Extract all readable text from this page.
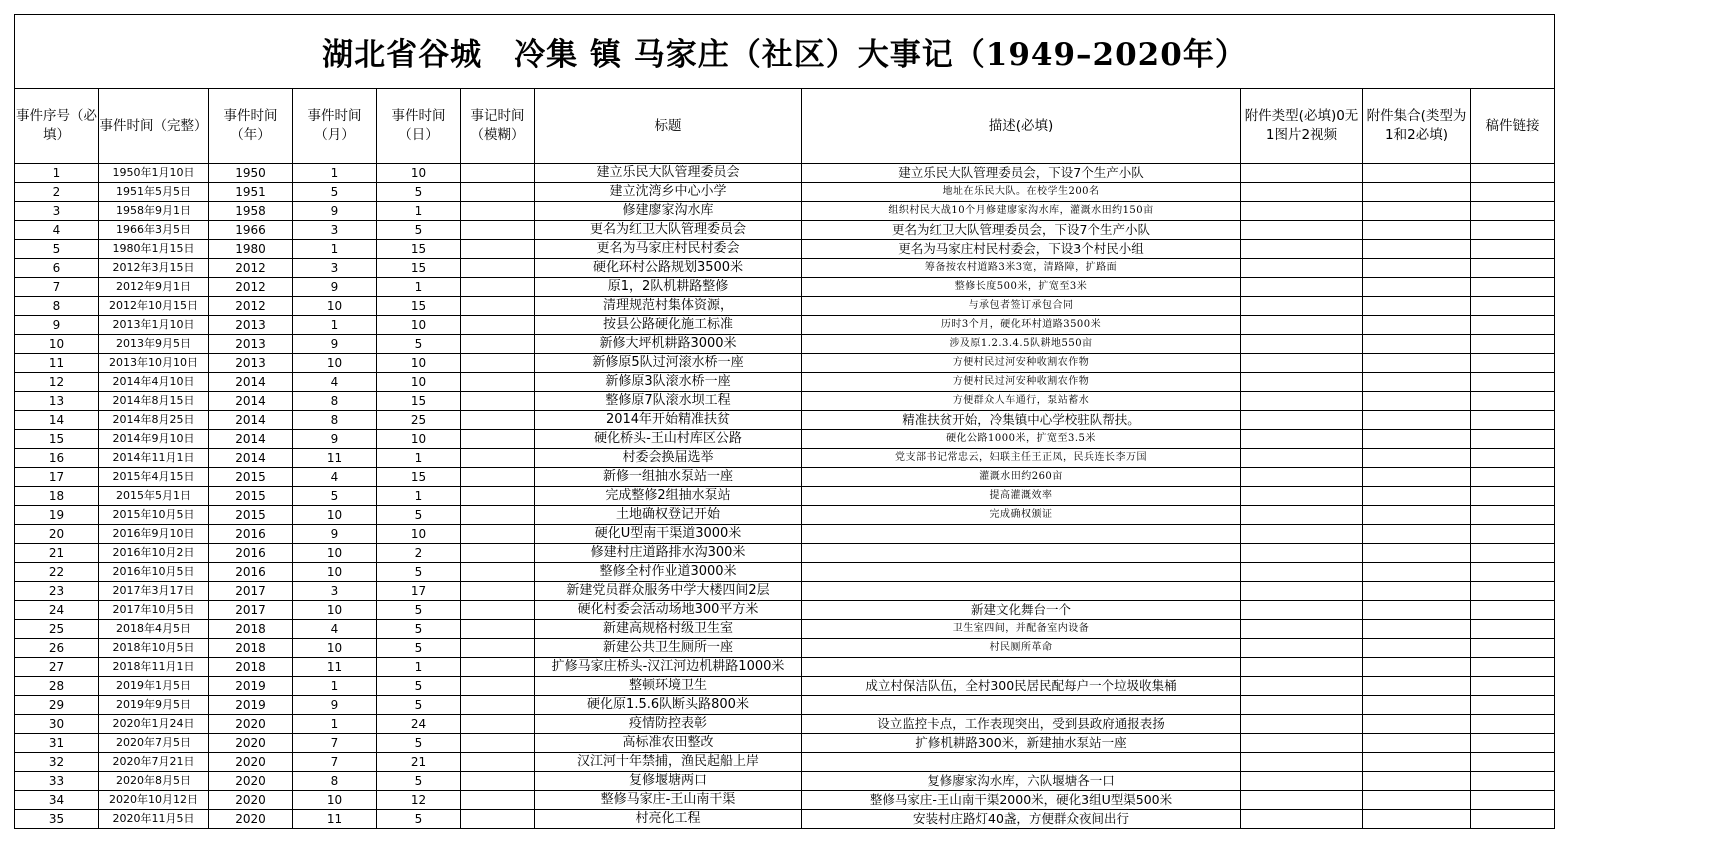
湖北省谷城　冷集 镇 马家庄（社区）大事记（1949–2020年）										
事件序号（必填）	事件时间（完整）	事件时间（年）	事件时间（月）	事件时间（日）	事记时间（模糊）	标题	描述(必填)	附件类型(必填)0无1图片2视频	附件集合(类型为1和2必填)	稿件链接
1	1950年1月10日	1950	1	10		建立乐民大队管理委员会	建立乐民大队管理委员会，下设7个生产小队			
2	1951年5月5日	1951	5	5		建立沈湾乡中心小学	地址在乐民大队。在校学生200名			
3	1958年9月1日	1958	9	1		修建廖家沟水库	组织村民大战10个月修建廖家沟水库，灌溉水田约150亩			
4	1966年3月5日	1966	3	5		更名为红卫大队管理委员会	更名为红卫大队管理委员会，下设7个生产小队			
5	1980年1月15日	1980	1	15		更名为马家庄村民村委会	更名为马家庄村民村委会，下设3个村民小组			
6	2012年3月15日	2012	3	15		硬化环村公路规划3500米	筹备按农村道路3米3宽，清路障，扩路面			
7	2012年9月1日	2012	9	1		原1，2队机耕路整修	整修长度500米，扩宽至3米			
8	2012年10月15日	2012	10	15		清理规范村集体资源，	与承包者签订承包合同			
9	2013年1月10日	2013	1	10		按县公路硬化施工标准	历时3个月，硬化环村道路3500米			
10	2013年9月5日	2013	9	5		新修大坪机耕路3000米	涉及原1.2.3.4.5队耕地550亩			
11	2013年10月10日	2013	10	10		新修原5队过河滚水桥一座	方便村民过河安种收割农作物			
12	2014年4月10日	2014	4	10		新修原3队滚水桥一座	方便村民过河安种收割农作物			
13	2014年8月15日	2014	8	15		整修原7队滚水坝工程	方便群众人车通行，泵站蓄水			
14	2014年8月25日	2014	8	25		2014年开始精准扶贫	精准扶贫开始，冷集镇中心学校驻队帮扶。			
15	2014年9月10日	2014	9	10		硬化桥头-王山村库区公路	硬化公路1000米，扩宽至3.5米			
16	2014年11月1日	2014	11	1		村委会换届选举	党支部书记常忠云，妇联主任王正凤，民兵连长李万国			
17	2015年4月15日	2015	4	15		新修一组抽水泵站一座	灌溉水田约260亩			
18	2015年5月1日	2015	5	1		完成整修2组抽水泵站	提高灌溉效率			
19	2015年10月5日	2015	10	5		土地确权登记开始	完成确权颁证			
20	2016年9月10日	2016	9	10		硬化U型南干渠道3000米				
21	2016年10月2日	2016	10	2		修建村庄道路排水沟300米				
22	2016年10月5日	2016	10	5		整修全村作业道3000米				
23	2017年3月17日	2017	3	17		新建党员群众服务中学大楼四间2层				
24	2017年10月5日	2017	10	5		硬化村委会活动场地300平方米	新建文化舞台一个			
25	2018年4月5日	2018	4	5		新建高规格村级卫生室	卫生室四间，并配备室内设备			
26	2018年10月5日	2018	10	5		新建公共卫生厕所一座	村民厕所革命			
27	2018年11月1日	2018	11	1		扩修马家庄桥头-汉江河边机耕路1000米				
28	2019年1月5日	2019	1	5		整顿环境卫生	成立村保洁队伍，全村300民居民配每户一个垃圾收集桶			
29	2019年9月5日	2019	9	5		硬化原1.5.6队断头路800米				
30	2020年1月24日	2020	1	24		疫情防控表彰	设立监控卡点，工作表现突出，受到县政府通报表扬			
31	2020年7月5日	2020	7	5		高标准农田整改	扩修机耕路300米，新建抽水泵站一座			
32	2020年7月21日	2020	7	21		汉江河十年禁捕，渔民起船上岸				
33	2020年8月5日	2020	8	5		复修堰塘两口	复修廖家沟水库，六队堰塘各一口			
34	2020年10月12日	2020	10	12		整修马家庄-王山南干渠	整修马家庄-王山南干渠2000米，硬化3组U型渠500米			
35	2020年11月5日	2020	11	5		村亮化工程	安装村庄路灯40盏，方便群众夜间出行			
